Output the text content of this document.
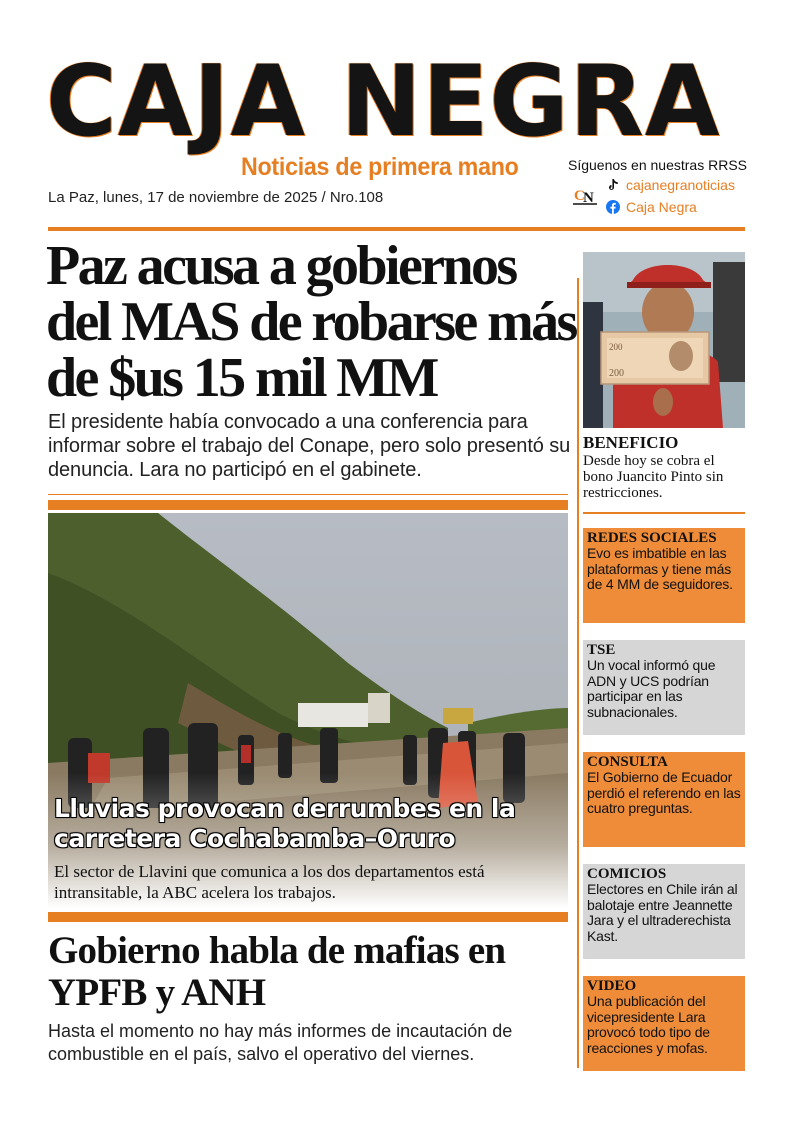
CAJA NEGRA
Noticias de primera mano
La Paz, lunes, 17 de noviembre de 2025 / Nro.108
Síguenos en nuestras RRSS
C
N
cajanegranoticias
Caja Negra
Paz acusa a gobiernos del MAS de robarse más de $us 15 mil MM

El presidente había convocado a una conferencia para informar sobre el trabajo del Conape, pero solo presentó su denuncia. Lara no participó en el gabinete.

Lluvias provocan derrumbes en la carretera Cochabamba–Oruro

El sector de Llavini que comunica a los dos departamentos está intransitable, la ABC acelera los trabajos.

Gobierno habla de mafias en YPFB y ANH

Hasta el momento no hay más informes de incautación de combustible en el país, salvo el operativo del viernes.

200
200
BENEFICIO
Desde hoy se cobra el bono Juancito Pinto sin restricciones.
REDES SOCIALES
Evo es imbatible en las plataformas y tiene más de 4 MM de seguidores.
TSE
Un vocal informó que ADN y UCS podrían participar en las subnacionales.
CONSULTA
El Gobierno de Ecuador perdió el referendo en las cuatro preguntas.
COMICIOS
Electores en Chile irán al balotaje entre Jeannette Jara y el ultraderechista Kast.
VIDEO
Una publicación del vicepresidente Lara provocó todo tipo de reacciones y mofas.
